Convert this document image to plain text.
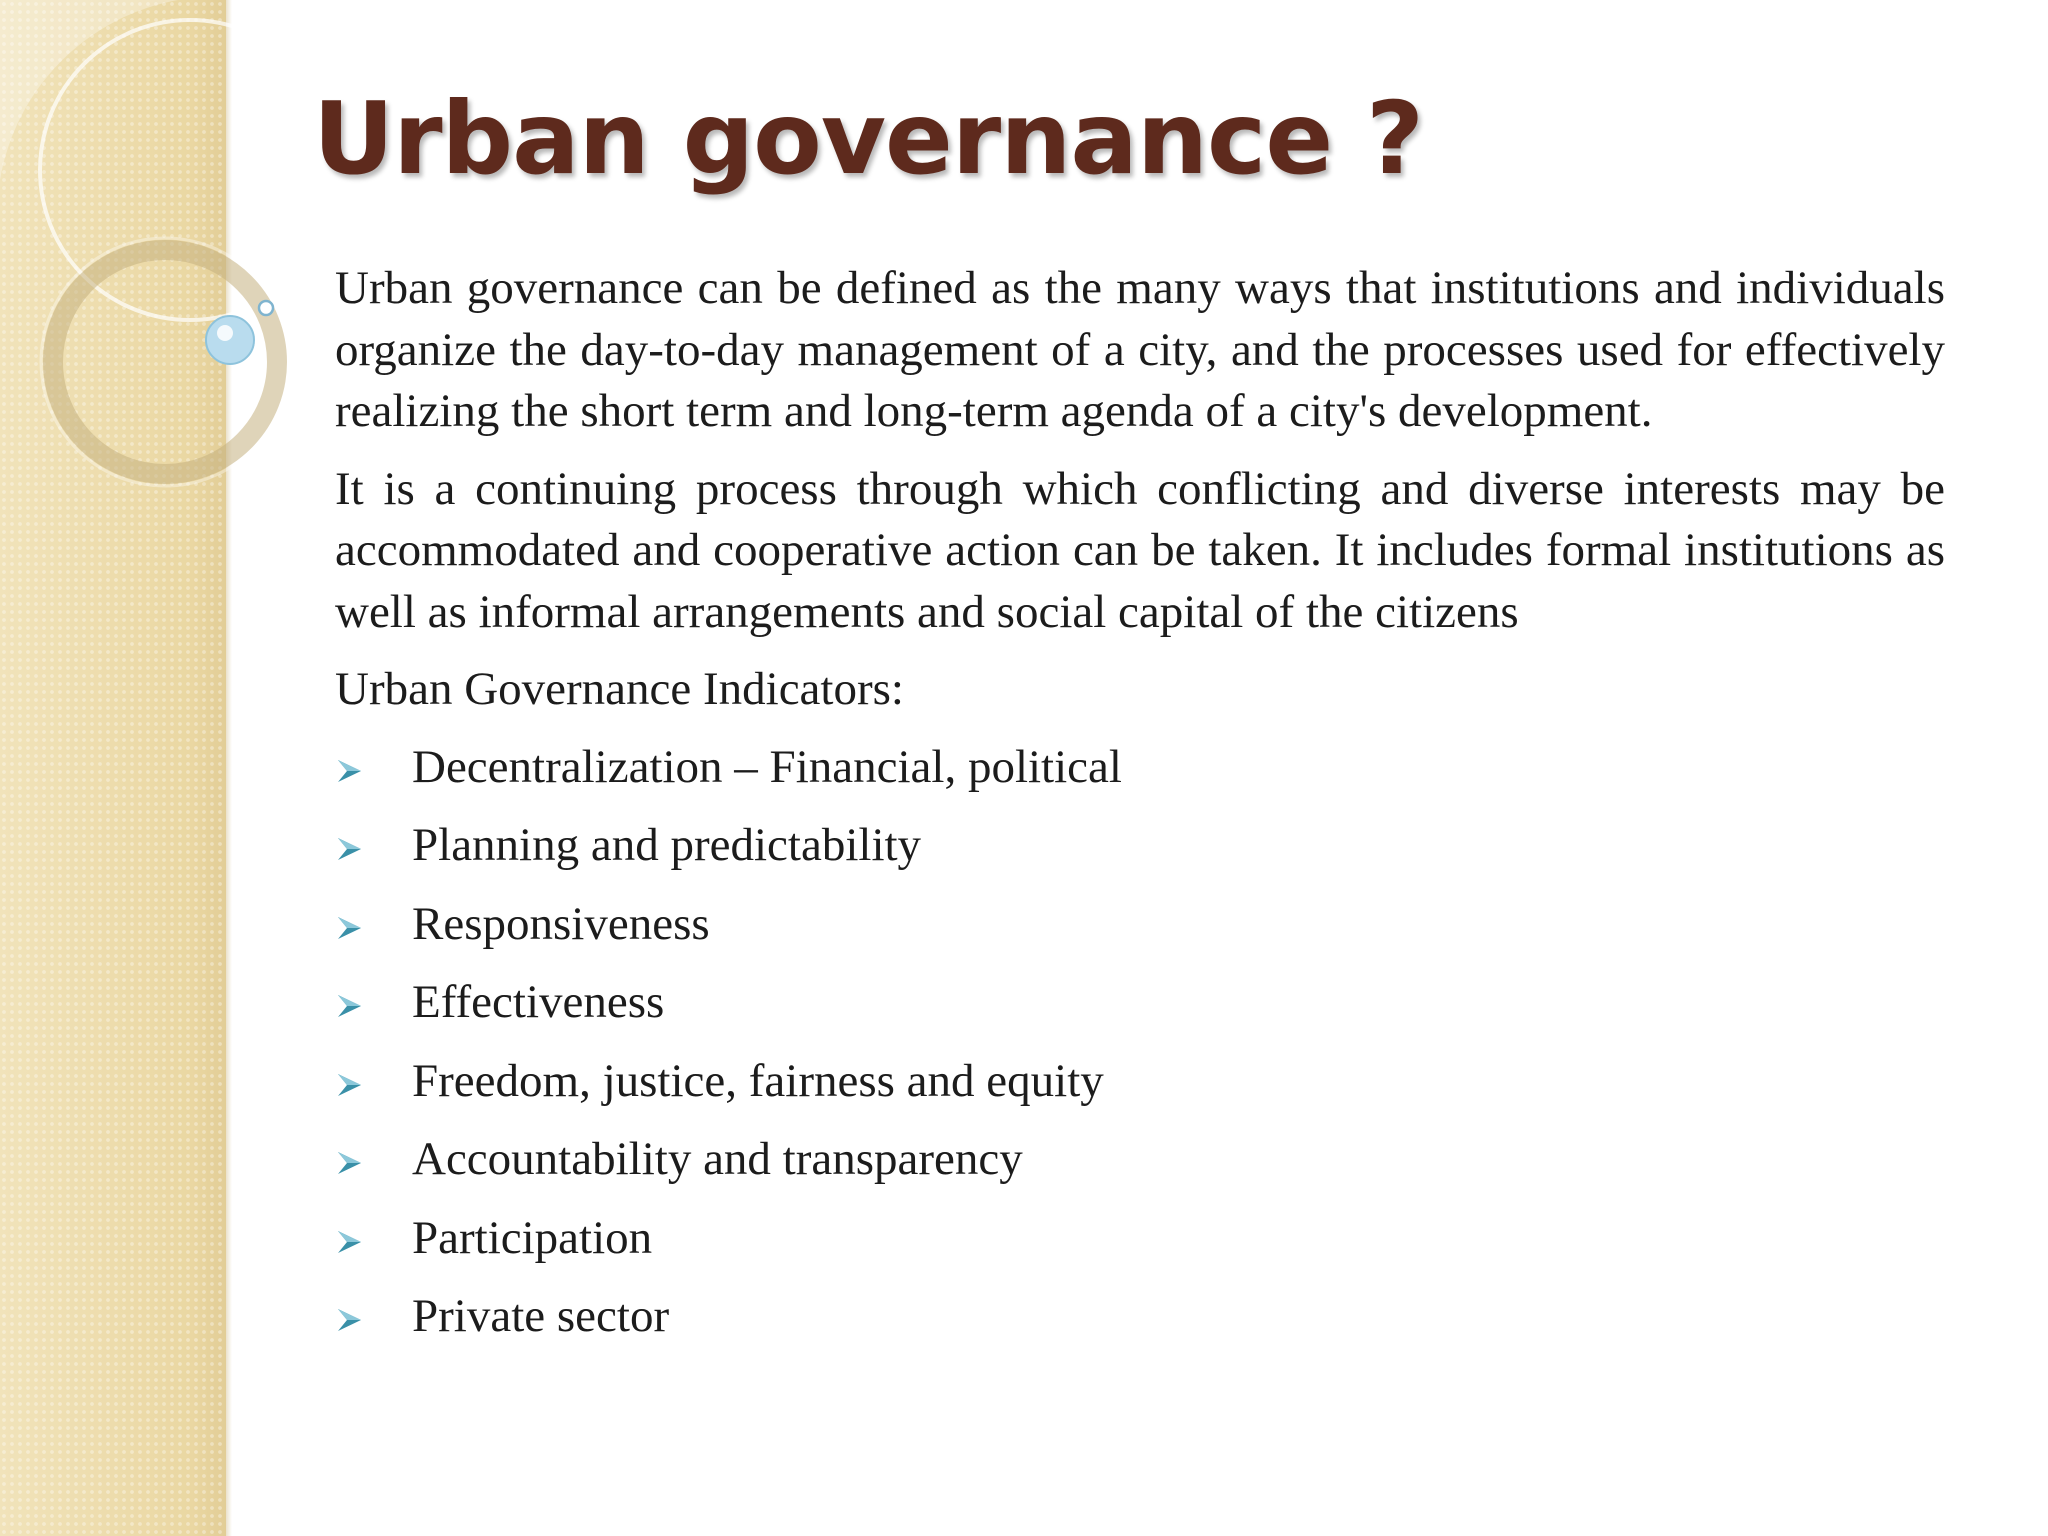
Urban governance ?

Urban governance can be defined as the many ways that institutions and individuals organize the day-to-day management of a city, and the processes used for effectively realizing the short term and long-term agenda of a city's development.

It is a continuing process through which conflicting and diverse interests may be accommodated and cooperative action can be taken. It includes formal institutions as well as informal arrangements and social capital of the citizens

Urban Governance Indicators:

Decentralization – Financial, political
Planning and predictability
Responsiveness
Effectiveness
Freedom, justice, fairness and equity
Accountability and transparency
Participation
Private sector
